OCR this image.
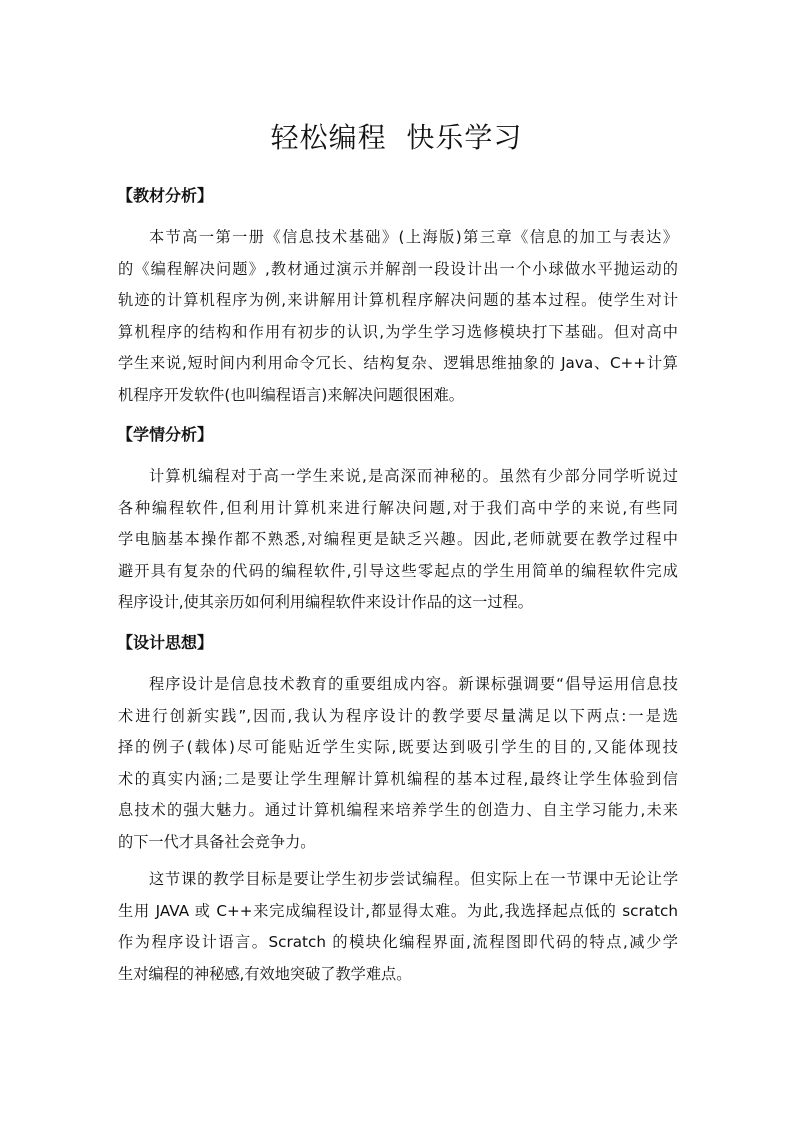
轻松编程  快乐学习
【教材分析】
本节高一第一册《信息技术基础》(上海版)第三章《信息的加工与表达》
的《编程解决问题》,教材通过演示并解剖一段设计出一个小球做水平抛运动的
轨迹的计算机程序为例,来讲解用计算机程序解决问题的基本过程。使学生对计
算机程序的结构和作用有初步的认识,为学生学习选修模块打下基础。但对高中
学生来说,短时间内利用命令冗长、结构复杂、逻辑思维抽象的 Java、C++计算
机程序开发软件(也叫编程语言)来解决问题很困难。
【学情分析】
计算机编程对于高一学生来说,是高深而神秘的。虽然有少部分同学听说过
各种编程软件,但利用计算机来进行解决问题,对于我们高中学的来说,有些同
学电脑基本操作都不熟悉,对编程更是缺乏兴趣。因此,老师就要在教学过程中
避开具有复杂的代码的编程软件,引导这些零起点的学生用简单的编程软件完成
程序设计,使其亲历如何利用编程软件来设计作品的这一过程。
【设计思想】
程序设计是信息技术教育的重要组成内容。新课标强调要“倡导运用信息技
术进行创新实践”,因而,我认为程序设计的教学要尽量满足以下两点:一是选
择的例子(载体)尽可能贴近学生实际,既要达到吸引学生的目的,又能体现技
术的真实内涵;二是要让学生理解计算机编程的基本过程,最终让学生体验到信
息技术的强大魅力。通过计算机编程来培养学生的创造力、自主学习能力,未来
的下一代才具备社会竞争力。
这节课的教学目标是要让学生初步尝试编程。但实际上在一节课中无论让学
生用 JAVA 或 C++来完成编程设计,都显得太难。为此,我选择起点低的 scratch
作为程序设计语言。Scratch 的模块化编程界面,流程图即代码的特点,减少学
生对编程的神秘感,有效地突破了教学难点。
